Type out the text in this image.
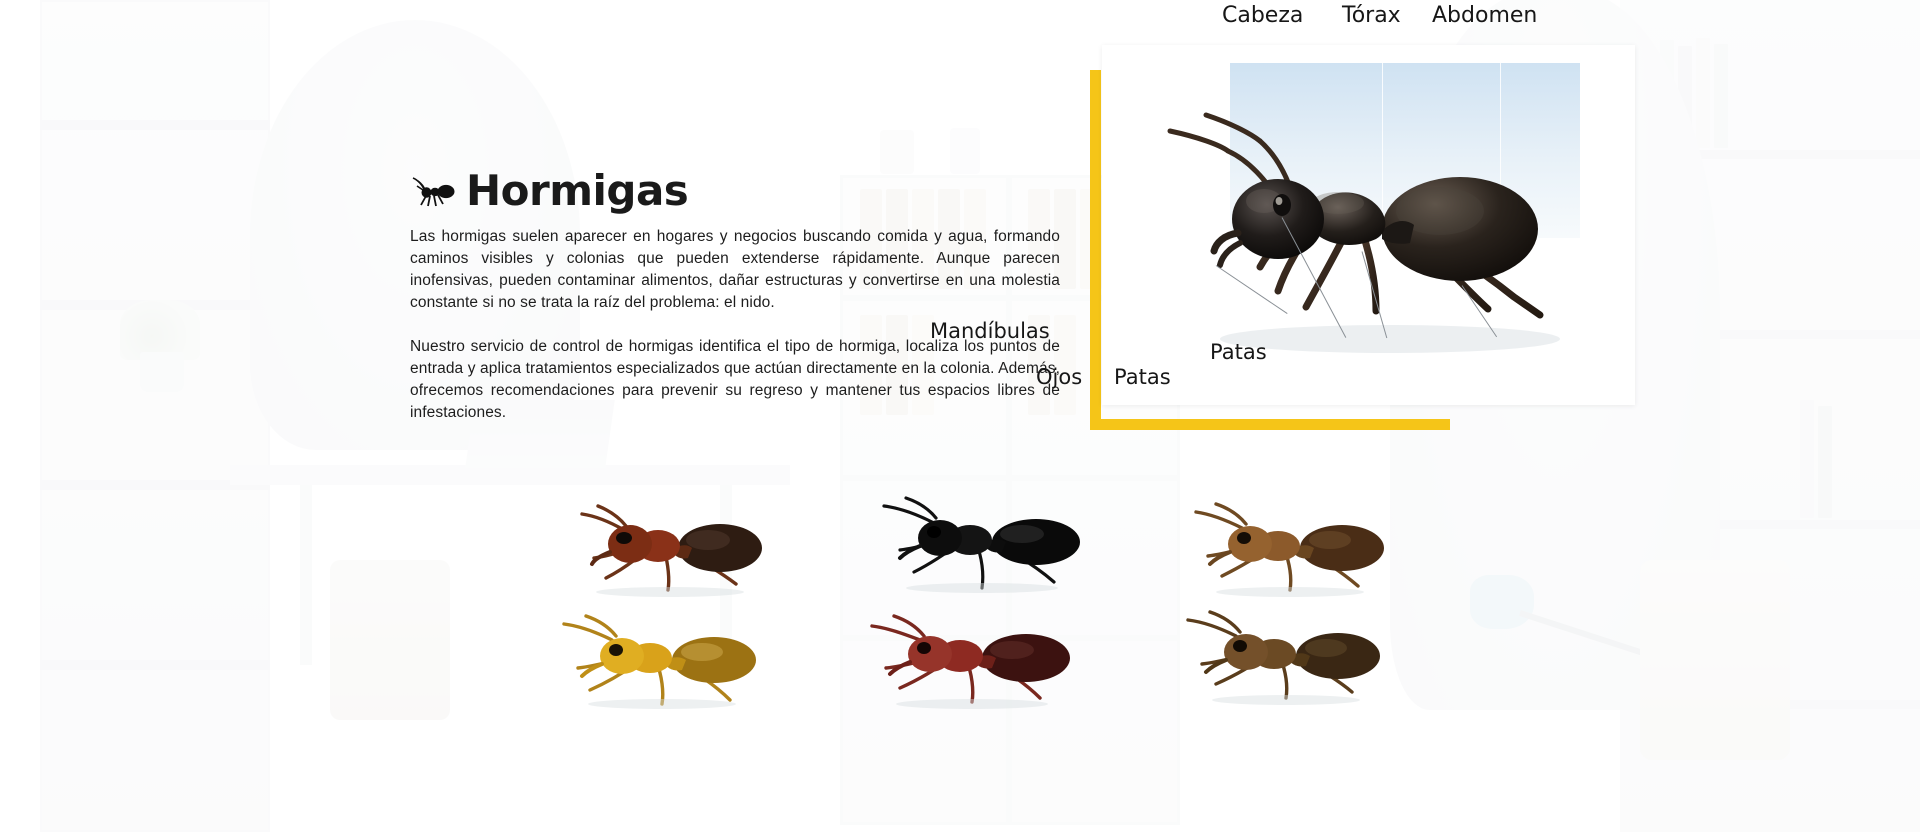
Hormigas

Las hormigas suelen aparecer en hogares y negocios buscando comida y agua, formando caminos visibles y colonias que pueden extenderse rápidamente. Aunque parecen inofensivas, pueden contaminar alimentos, dañar estructuras y convertirse en una molestia constante si no se trata la raíz del problema: el nido.

Nuestro servicio de control de hormigas identifica el tipo de hormiga, localiza los puntos de entrada y aplica tratamientos especializados que actúan directamente en la colonia. Además, ofrecemos recomendaciones para prevenir su regreso y mantener tus espacios libres de infestaciones.

Cabeza Tórax Abdomen
Mandíbulas
Ojos Patas
Patas
